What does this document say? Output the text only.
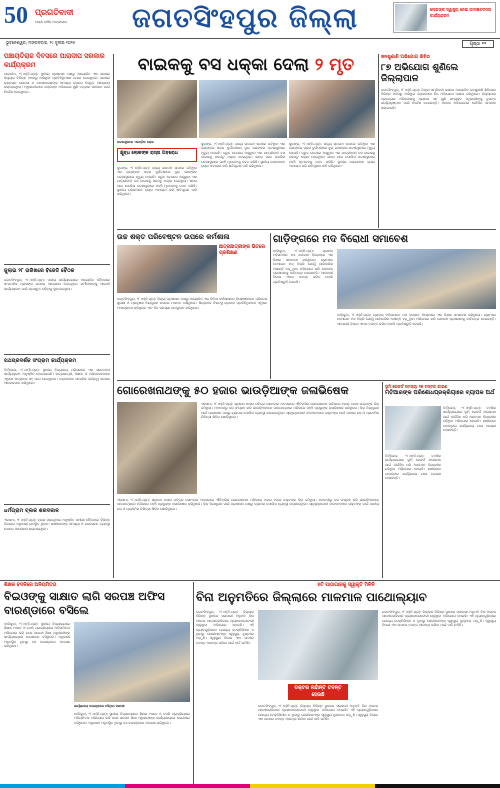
50 ପ୍ରଗତିବାଦୀ
ପଚାଶ ବର୍ଷର ଅଙ୍ଗୀକାର	ଜଗତସିଂହପୁର ଜିଲ୍ଲା	ଲୋକଙ୍କ ସ୍ୱାସ୍ଥ୍ୟ ନେଇ ଜନସଚେତନତା କାର୍ଯ୍ୟକ୍ରମ
ଭୁବନେଶ୍ୱର, ମଙ୍ଗଳବାର, ୨୯ ଜୁଲାଇ ୨୦୨୫	ପୃଷ୍ଠା ୧୧
ପଞ୍ଚାୟତିରାଜ ଦିବସରେ ପାରାଦୀପ ସରକାର କାର୍ଯ୍ୟକ୍ରମ
ପାରାଦୀପ, ୨୮।୭(ନି.ପ୍ର): ସ୍ଥାନୀୟ ପ୍ରଶାସନ ପକ୍ଷରୁ ଆୟୋଜିତ ଏକ ସଭାରେ ଜିଲ୍ଲାର ବିଭିନ୍ନ ଅଞ୍ଚଳରୁ ଆସିଥିବା ପ୍ରତିନିଧିମାନେ ଯୋଗ ଦେଇଥିଲେ। ସଭାରେ ଉନ୍ନୟନ ଯୋଜନା ଓ ଜନସାଧାରଣଙ୍କ ସମସ୍ୟା ଉପରେ ବିସ୍ତୃତ ଆଲୋଚନା କରାଯାଇଥିଲା। ଅଧିକାରୀମାନେ ଲୋକଙ୍କ ଅଭିଯୋଗ ଶୁଣି ତତ୍କାଳ ସମାଧାନ ପାଇଁ ନିର୍ଦ୍ଦେଶ ଦେଇଥିଲେ।
ଜୁଲାଇ ୨୮ ତାରିଖରେ ବିଜେଡି ବୈଠକ
ଜଗତସିଂହପୁର, ୨୮।୭(ନି.ପ୍ର): ଦଳୀୟ କାର୍ଯ୍ୟାଳୟରେ ଆୟୋଜିତ ବୈଠକରେ ସାଂଗଠନିକ ପ୍ରସଙ୍ଗ ଉପରେ ଆଲୋଚନା ହୋଇଥିଲା। କର୍ମୀମାନଙ୍କୁ ଆଗାମୀ କାର୍ଯ୍ୟକ୍ରମ ପାଇଁ ପ୍ରସ୍ତୁତ ରହିବାକୁ କୁହାଯାଇଥିଲା।
ପଥପ୍ରଦର୍ଶକ ସଂଗ୍ରାମ କାର୍ଯ୍ୟକ୍ରମ
ତିର୍ତ୍ତୋଲ, ୨୮।୭(ନି.ପ୍ର): ସ୍ଥାନୀୟ ବିଦ୍ୟାଳୟ ପରିସରରେ ଏକ ସଚେତନତା କାର୍ଯ୍ୟକ୍ରମ ଅନୁଷ୍ଠିତ ହୋଇଯାଇଛି। ଛାତ୍ରଛାତ୍ରୀ, ଶିକ୍ଷକ ଓ ଅଭିଭାବକମାନେ ଏଥିରେ ଉତ୍ସାହର ସହ ଭାଗ ନେଇଥିଲେ। ବକ୍ତାମାନେ ସାମାଜିକ ଦାୟିତ୍ୱ ଉପରେ ଆଲୋକପାତ କରିଥିଲେ।
ଧର୍ମଗ୍ରାମ ବ୍ଲକ ଶରଦକାଳ
ଏରସମା, ୨୮।୭(ନି.ପ୍ର): ବ୍ଲକ ସଭାଗୃହରେ ଅନୁଷ୍ଠିତ ସମୀକ୍ଷା ବୈଠକରେ ବିଭିନ୍ନ ବିଭାଗର ଅଧିକାରୀ ଉପସ୍ଥିତ ଥିଲେ। ଚାଷୀମାନଙ୍କ ସମସ୍ୟା ଓ ଜଳସେଚନ ବ୍ୟବସ୍ଥା ଉପରେ ଆଲୋଚନା କରାଯାଇଥିଲା।
ବାଇକକୁ ବସ ଧକ୍କା ଦେଲା ୨ ମୃତ
ଘଟଣାସ୍ଥଳରେ ଏକତ୍ରିତ ଲୋକ
କ୍ଷୁବ୍ଧ ଲୋକଙ୍କ ରାସ୍ତା ଅବରୋଧ
କୁଜଙ୍ଗ, ୨୮।୭(ନି.ପ୍ର): ରାଜ୍ୟ ରାଜପଥ ଉପରେ ଘଟିଥିବା ଏକ ଭୟଙ୍କର ସଡ଼କ ଦୁର୍ଘଟଣାରେ ଦୁଇ ଜଣଙ୍କର ଘଟଣାସ୍ଥଳରେ ମୃତ୍ୟୁ ହୋଇଛି। ଦ୍ରୁତ ବେଗରେ ଆସୁଥିବା ଏକ ଯାତ୍ରୀବାହୀ ବସ ବାଇକକୁ ପଛପଟୁ ଧକ୍କା ଦେଇଥିଲା। ଖବର ପାଇ ପୋଲିସ ଘଟଣାସ୍ଥଳରେ ପହଞ୍ଚି ମୃତଦେହକୁ ଜବତ କରିଛି। ସ୍ଥାନୀୟ ଲୋକମାନେ ରାସ୍ତା ଅବରୋଧ କରି କ୍ଷତିପୂରଣ ଦାବି କରିଥିଲେ।
କୁଜଙ୍ଗ, ୨୮।୭(ନି.ପ୍ର): ରାଜ୍ୟ ରାଜପଥ ଉପରେ ଘଟିଥିବା ଏକ ଭୟଙ୍କର ସଡ଼କ ଦୁର୍ଘଟଣାରେ ଦୁଇ ଜଣଙ୍କର ଘଟଣାସ୍ଥଳରେ ମୃତ୍ୟୁ ହୋଇଛି। ଦ୍ରୁତ ବେଗରେ ଆସୁଥିବା ଏକ ଯାତ୍ରୀବାହୀ ବସ ବାଇକକୁ ପଛପଟୁ ଧକ୍କା ଦେଇଥିଲା। ଖବର ପାଇ ପୋଲିସ ଘଟଣାସ୍ଥଳରେ ପହଞ୍ଚି ମୃତଦେହକୁ ଜବତ କରିଛି। ସ୍ଥାନୀୟ ଲୋକମାନେ ରାସ୍ତା ଅବରୋଧ କରି କ୍ଷତିପୂରଣ ଦାବି କରିଥିଲେ।
କୁଜଙ୍ଗ, ୨୮।୭(ନି.ପ୍ର): ରାଜ୍ୟ ରାଜପଥ ଉପରେ ଘଟିଥିବା ଏକ ଭୟଙ୍କର ସଡ଼କ ଦୁର୍ଘଟଣାରେ ଦୁଇ ଜଣଙ୍କର ଘଟଣାସ୍ଥଳରେ ମୃତ୍ୟୁ ହୋଇଛି। ଦ୍ରୁତ ବେଗରେ ଆସୁଥିବା ଏକ ଯାତ୍ରୀବାହୀ ବସ ବାଇକକୁ ପଛପଟୁ ଧକ୍କା ଦେଇଥିଲା। ଖବର ପାଇ ପୋଲିସ ଘଟଣାସ୍ଥଳରେ ପହଞ୍ଚି ମୃତଦେହକୁ ଜବତ କରିଛି। ସ୍ଥାନୀୟ ଲୋକମାନେ ରାସ୍ତା ଅବରୋଧ କରି କ୍ଷତିପୂରଣ ଦାବି କରିଥିଲେ।
ଜନଶୁଣାଣି ଅଭିଯୋଗ ଶିବିର
୮୭ ଅଭିଯୋଗ ଶୁଣିଲେ ଜିଲ୍ଲାପାଳ
ଜଗତସିଂହପୁର, ୨୮।୭(ନି.ପ୍ର): ଜିଲ୍ଲା ସମ୍ମିଳନୀ କକ୍ଷରେ ଆୟୋଜିତ ଜନଶୁଣାଣି ଶିବିରରେ ବିଭିନ୍ନ ଅଞ୍ଚଳରୁ ଆସିଥିବା ଲୋକମାନେ ନିଜ ଅଭିଯୋଗ ଦାଖଲ କରିଥିଲେ। ଜିଲ୍ଲାପାଳ ପ୍ରତ୍ୟେକ ଅଭିଯୋଗକୁ ଧ୍ୟାନର ସହ ଶୁଣି ସମ୍ପୃକ୍ତ ଅଧିକାରୀଙ୍କୁ ତୁରନ୍ତ କାର୍ଯ୍ୟାନୁଷ୍ଠାନ ପାଇଁ ନିର୍ଦ୍ଦେଶ ଦେଇଛନ୍ତି। ଅନେକ ଅଭିଯୋଗର ସେହିଦିନ ସମାଧାନ କରାଯାଇଛି।
ଉଚ୍ଚ ଶକ୍ତ ପରିବେଷ୍ଟନ ଉପରେ କର୍ମଶାଳା
ଛାତ୍ରଛାତ୍ରୀଙ୍କ ଭିତରେ ପ୍ରଶିକ୍ଷଣ
ଜଗତସିଂହପୁର, ୨୮।୭(ନି.ପ୍ର): ଜିଲ୍ଲା ପ୍ରଶାସନ ପକ୍ଷରୁ ଆୟୋଜିତ ଏକ ଦିନିଆ କର୍ମଶାଳାରେ ବିଶେଷଜ୍ଞମାନେ ପରିବେଶ ସୁରକ୍ଷା ଓ ପ୍ରଦୂଷଣ ନିୟନ୍ତ୍ରଣ ଉପରେ ମତାମତ ରଖିଥିଲେ। ଶିଳ୍ପାଞ୍ଚଳ ନିକଟସ୍ଥ ଗ୍ରାମର ପ୍ରତିନିଧିମାନେ ଏଥିରେ ଅଂଶଗ୍ରହଣ କରିଥିଲେ ଏବଂ ନିଜ ସମସ୍ୟା ଉପସ୍ଥାପନ କରିଥିଲେ।
ଗାଡ଼ିଙ୍ଗରେ ମଦ ବିରୋଧୀ ସମାବେଶ
ବାଲିକୁଦା, ୨୮।୭(ନି.ପ୍ର): ଗ୍ରାମର ମହିଳାମାନେ ମଦ ଦୋକାନ ବିରୋଧରେ ଏକ ବିଶାଳ ସମାବେଶ କରିଥିଲେ। ଗ୍ରାମରେ ବେଆଇନ ମଦ ବିକ୍ରି ଯୋଗୁଁ ପାରିବାରିକ ଅଶାନ୍ତି ବଢ଼ୁଥିବା ଅଭିଯୋଗ କରି ସେମାନେ ପ୍ରଶାସନକୁ ଦାବିପତ୍ର ଦେଇଛନ୍ତି। ଆବକାରୀ ବିଭାଗ ଏହାର ତଦନ୍ତ କରିବ ବୋଲି ପ୍ରତିଶ୍ରୁତି ଦେଇଛି।
ବାଲିକୁଦା, ୨୮।୭(ନି.ପ୍ର): ଗ୍ରାମର ମହିଳାମାନେ ମଦ ଦୋକାନ ବିରୋଧରେ ଏକ ବିଶାଳ ସମାବେଶ କରିଥିଲେ। ଗ୍ରାମରେ ବେଆଇନ ମଦ ବିକ୍ରି ଯୋଗୁଁ ପାରିବାରିକ ଅଶାନ୍ତି ବଢ଼ୁଥିବା ଅଭିଯୋଗ କରି ସେମାନେ ପ୍ରଶାସନକୁ ଦାବିପତ୍ର ଦେଇଛନ୍ତି। ଆବକାରୀ ବିଭାଗ ଏହାର ତଦନ୍ତ କରିବ ବୋଲି ପ୍ରତିଶ୍ରୁତି ଦେଇଛି।
ଗୋରେଖନାଥଙ୍କୁ ୫୦ ହଜାର ଭାଉଡ଼ିଆଙ୍କ ଜଳାଭିଷେକ
ଏରସମା, ୨୮।୭(ନି.ପ୍ର): ଶ୍ରାବଣ ମାସର ପବିତ୍ର ସୋମବାର ଅବସରରେ ଐତିହାସିକ ଗୋରେଖନାଥ ମନ୍ଦିରରେ ହଜାର ହଜାର ଭକ୍ତଙ୍କ ଭିଡ଼ ଜମିଥିଲା। ମହାନଦୀରୁ ଜଳ ସଂଗ୍ରହ କରି କାଉଡ଼ିଆମାନେ ପାଦଯାତ୍ରାରେ ମନ୍ଦିରରେ ପହଞ୍ଚି ପ୍ରଭୁଙ୍କ ଜଳାଭିଷେକ କରିଥିଲେ। ଭିଡ଼ ନିୟନ୍ତ୍ରଣ ପାଇଁ ପ୍ରଶାସନ ପକ୍ଷରୁ ବ୍ୟାପକ ପୋଲିସ ବ୍ୟବସ୍ଥା କରାଯାଇଥିଲା। ସ୍ୱେଚ୍ଛାସେବୀ ସଂଗଠନମାନେ ଭକ୍ତଙ୍କ ପାଇଁ ପାନୀୟ ଜଳ ଓ ପ୍ରାଥମିକ ଚିକିତ୍ସା ଶିବିର ଖୋଲିଥିଲେ।
ଏରସମା, ୨୮।୭(ନି.ପ୍ର): ଶ୍ରାବଣ ମାସର ପବିତ୍ର ସୋମବାର ଅବସରରେ ଐତିହାସିକ ଗୋରେଖନାଥ ମନ୍ଦିରରେ ହଜାର ହଜାର ଭକ୍ତଙ୍କ ଭିଡ଼ ଜମିଥିଲା। ମହାନଦୀରୁ ଜଳ ସଂଗ୍ରହ କରି କାଉଡ଼ିଆମାନେ ପାଦଯାତ୍ରାରେ ମନ୍ଦିରରେ ପହଞ୍ଚି ପ୍ରଭୁଙ୍କ ଜଳାଭିଷେକ କରିଥିଲେ। ଭିଡ଼ ନିୟନ୍ତ୍ରଣ ପାଇଁ ପ୍ରଶାସନ ପକ୍ଷରୁ ବ୍ୟାପକ ପୋଲିସ ବ୍ୟବସ୍ଥା କରାଯାଇଥିଲା। ସ୍ୱେଚ୍ଛାସେବୀ ସଂଗଠନମାନେ ଭକ୍ତଙ୍କ ପାଇଁ ପାନୀୟ ଜଳ ଓ ପ୍ରାଥମିକ ଚିକିତ୍ସା ଶିବିର ଖୋଲିଥିଲେ।
ଭୂମି ରେକର୍ଡ ସମସ୍ୟା ୧୭ ଟନ୍ତକ କାରଣ
ମତିଆରଙ୍କ ପରିଶୋଧପ୍ରକ୍ରିୟାରେ ବ୍ୟାପକ ଅର୍ଥ
ତିର୍ତ୍ତୋଲ, ୨୮।୭(ନି.ପ୍ର): ତହସିଲ କାର୍ଯ୍ୟାଳୟରେ ଭୂମି ରେକର୍ଡ ସଂଶୋଧନ ପାଇଁ ଦୀର୍ଘଦିନ ଧରି ଆବେଦନ ବିଚାରାଧୀନ ରହିଥିବା ଅଭିଯୋଗ ହୋଇଛି। ଚାଷୀମାନେ ବାରମ୍ବାର କାର୍ଯ୍ୟାଳୟ ଯାଇ ହଇରାଣ ହେଉଛନ୍ତି।
ତିର୍ତ୍ତୋଲ, ୨୮।୭(ନି.ପ୍ର): ତହସିଲ କାର୍ଯ୍ୟାଳୟରେ ଭୂମି ରେକର୍ଡ ସଂଶୋଧନ ପାଇଁ ଦୀର୍ଘଦିନ ଧରି ଆବେଦନ ବିଚାରାଧୀନ ରହିଥିବା ଅଭିଯୋଗ ହୋଇଛି। ଚାଷୀମାନେ ବାରମ୍ବାର କାର୍ଯ୍ୟାଳୟ ଯାଇ ହଇରାଣ ହେଉଛନ୍ତି।
ଶିକ୍ଷକ ବଦଳିରେ ଅନିୟମିତତା
ବିଇଓଙ୍କୁ ସାକ୍ଷାତ ଲାଗି ସରପଞ୍ଚ ଅଫିସ ବାରଣ୍ଡାରେ ବସିଲେ
ବାଲିକୁଦା, ୨୮।୭(ନି.ପ୍ର): ସ୍ଥାନୀୟ ବିଦ୍ୟାଳୟରେ ଶିକ୍ଷକ ଅଭାବ ଓ ବଦଳି ପ୍ରକ୍ରିୟାରେ ଅନିୟମିତତା ଅଭିଯୋଗ କରି ଜଣେ ସରପଞ୍ଚ ଶିକ୍ଷା ଅଧିକାରୀଙ୍କ କାର୍ଯ୍ୟାଳୟରେ ଧାରଣାରେ ବସିଥିଲେ। ଅଧିକାରୀ ଅନୁପସ୍ଥିତ ଥିବାରୁ ସେ ବାରଣ୍ଡାରେ ଅପେକ୍ଷା କରିଥିଲେ।
କାର୍ଯ୍ୟାଳୟ ବାରଣ୍ଡାରେ ବସିଥିବା ସରପଞ୍ଚ
ବାଲିକୁଦା, ୨୮।୭(ନି.ପ୍ର): ସ୍ଥାନୀୟ ବିଦ୍ୟାଳୟରେ ଶିକ୍ଷକ ଅଭାବ ଓ ବଦଳି ପ୍ରକ୍ରିୟାରେ ଅନିୟମିତତା ଅଭିଯୋଗ କରି ଜଣେ ସରପଞ୍ଚ ଶିକ୍ଷା ଅଧିକାରୀଙ୍କ କାର୍ଯ୍ୟାଳୟରେ ଧାରଣାରେ ବସିଥିଲେ। ଅଧିକାରୀ ଅନୁପସ୍ଥିତ ଥିବାରୁ ସେ ବାରଣ୍ଡାରେ ଅପେକ୍ଷା କରିଥିଲେ।
୫ଟି ପାଠାଗାରକୁ ସ୍ୱୀକୃତି ମିଳିନି
ବିନା ଅନୁମତିରେ ଜିଲ୍ଲାରେ ମାଳମାଳ ପାଥୋଲ୍ୟାବ
ଜଗତସିଂହପୁର, ୨୮।୭(ନି.ପ୍ର): ଜିଲ୍ଲାର ବିଭିନ୍ନ ସ୍ଥାନରେ ସରକାରୀ ଅନୁମତି ବିନା ଅନେକ ପାଥୋଲୋଜିକାଲ ଲ୍ୟାବୋରେଟୋରୀ ଚାଲୁଥିବା ଅଭିଯୋଗ ହୋଇଛି। ଏହି ଲ୍ୟାବଗୁଡ଼ିକରେ ଯୋଗ୍ୟ ଟେକ୍ନିସିଆନ ନ ଥିବାରୁ ରୋଗୀମାନଙ୍କ ସ୍ୱାସ୍ଥ୍ୟ ଝୁଣ୍ଟରେ ପଡ଼ୁଛି। ସ୍ୱାସ୍ଥ୍ୟ ବିଭାଗ ଏହା ଉପରେ ତଦନ୍ତ ଆରମ୍ଭ କରିବା ପାଇଁ ଦାବି ଉଠିଛି।
ଡକ୍ଟର ନାହାଁନ୍ତି ତଦନ୍ତ ହେଉଛି
ଜଗତସିଂହପୁର, ୨୮।୭(ନି.ପ୍ର): ଜିଲ୍ଲାର ବିଭିନ୍ନ ସ୍ଥାନରେ ସରକାରୀ ଅନୁମତି ବିନା ଅନେକ ପାଥୋଲୋଜିକାଲ ଲ୍ୟାବୋରେଟୋରୀ ଚାଲୁଥିବା ଅଭିଯୋଗ ହୋଇଛି। ଏହି ଲ୍ୟାବଗୁଡ଼ିକରେ ଯୋଗ୍ୟ ଟେକ୍ନିସିଆନ ନ ଥିବାରୁ ରୋଗୀମାନଙ୍କ ସ୍ୱାସ୍ଥ୍ୟ ଝୁଣ୍ଟରେ ପଡ଼ୁଛି। ସ୍ୱାସ୍ଥ୍ୟ ବିଭାଗ ଏହା ଉପରେ ତଦନ୍ତ ଆରମ୍ଭ କରିବା ପାଇଁ ଦାବି ଉଠିଛି।
ଜଗତସିଂହପୁର, ୨୮।୭(ନି.ପ୍ର): ଜିଲ୍ଲାର ବିଭିନ୍ନ ସ୍ଥାନରେ ସରକାରୀ ଅନୁମତି ବିନା ଅନେକ ପାଥୋଲୋଜିକାଲ ଲ୍ୟାବୋରେଟୋରୀ ଚାଲୁଥିବା ଅଭିଯୋଗ ହୋଇଛି। ଏହି ଲ୍ୟାବଗୁଡ଼ିକରେ ଯୋଗ୍ୟ ଟେକ୍ନିସିଆନ ନ ଥିବାରୁ ରୋଗୀମାନଙ୍କ ସ୍ୱାସ୍ଥ୍ୟ ଝୁଣ୍ଟରେ ପଡ଼ୁଛି। ସ୍ୱାସ୍ଥ୍ୟ ବିଭାଗ ଏହା ଉପରେ ତଦନ୍ତ ଆରମ୍ଭ କରିବା ପାଇଁ ଦାବି ଉଠିଛି।
